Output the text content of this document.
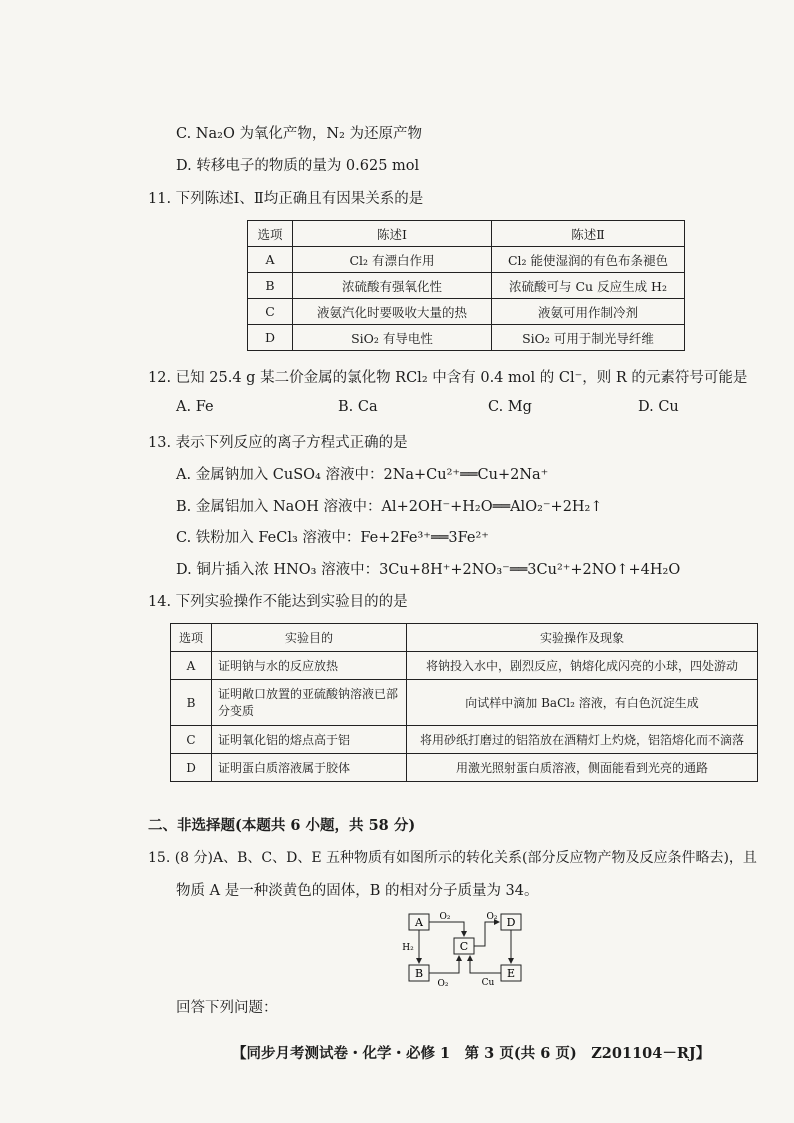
C. Na₂O 为氧化产物，N₂ 为还原产物
D. 转移电子的物质的量为 0.625 mol
11. 下列陈述Ⅰ、Ⅱ均正确且有因果关系的是
选项	陈述Ⅰ	陈述Ⅱ
A	Cl₂ 有漂白作用	Cl₂ 能使湿润的有色布条褪色
B	浓硫酸有强氧化性	浓硫酸可与 Cu 反应生成 H₂
C	液氨汽化时要吸收大量的热	液氨可用作制冷剂
D	SiO₂ 有导电性	SiO₂ 可用于制光导纤维
12. 已知 25.4 g 某二价金属的氯化物 RCl₂ 中含有 0.4 mol 的 Cl⁻，则 R 的元素符号可能是
A. Fe	B. Ca	C. Mg	D. Cu
13. 表示下列反应的离子方程式正确的是
A. 金属钠加入 CuSO₄ 溶液中：2Na+Cu²⁺══Cu+2Na⁺
B. 金属铝加入 NaOH 溶液中：Al+2OH⁻+H₂O══AlO₂⁻+2H₂↑
C. 铁粉加入 FeCl₃ 溶液中：Fe+2Fe³⁺══3Fe²⁺
D. 铜片插入浓 HNO₃ 溶液中：3Cu+8H⁺+2NO₃⁻══3Cu²⁺+2NO↑+4H₂O
14. 下列实验操作不能达到实验目的的是
选项	实验目的	实验操作及现象
A	证明钠与水的反应放热	将钠投入水中，剧烈反应，钠熔化成闪亮的小球，四处游动
B	证明敞口放置的亚硫酸钠溶液已部分变质	向试样中滴加 BaCl₂ 溶液，有白色沉淀生成
C	证明氧化铝的熔点高于铝	将用砂纸打磨过的铝箔放在酒精灯上灼烧，铝箔熔化而不滴落
D	证明蛋白质溶液属于胶体	用激光照射蛋白质溶液，侧面能看到光亮的通路
二、非选择题(本题共 6 小题，共 58 分)
15. (8 分)A、B、C、D、E 五种物质有如图所示的转化关系(部分反应物产物及反应条件略去)，且
物质 A 是一种淡黄色的固体，B 的相对分子质量为 34。
A
B
C
D
E
O₂	O₂
H₂
O₂	Cu
回答下列问题：
【同步月考测试卷・化学・必修 1　第 3 页(共 6 页)　Z201104－RJ】
